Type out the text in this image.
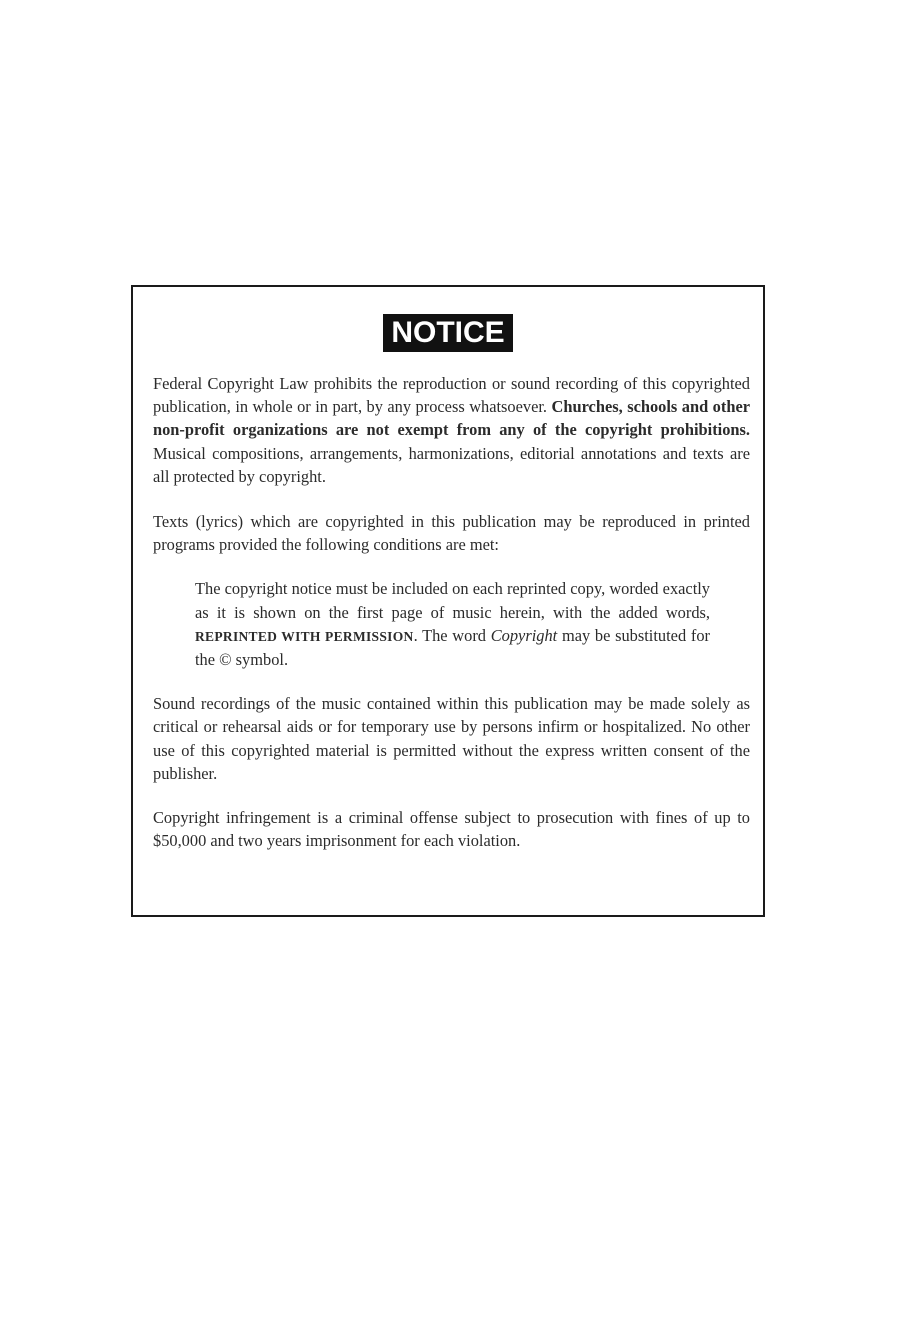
NOTICE

Federal Copyright Law prohibits the reproduction or sound recording of this copyrighted publication, in whole or in part, by any process whatsoever. Churches, schools and other non-profit organizations are not exempt from any of the copyright prohibitions. Musical compositions, arrangements, harmonizations, editorial annotations and texts are all protected by copyright.

Texts (lyrics) which are copyrighted in this publication may be reproduced in printed programs provided the following conditions are met:

The copyright notice must be included on each reprinted copy, worded exactly as it is shown on the first page of music herein, with the added words, REPRINTED WITH PERMISSION. The word Copyright may be substituted for the © symbol.

Sound recordings of the music contained within this publication may be made solely as critical or rehearsal aids or for temporary use by persons infirm or hospitalized. No other use of this copyrighted material is permitted without the express written consent of the publisher.

Copyright infringement is a criminal offense subject to prosecution with fines of up to $50,000 and two years imprisonment for each violation.
